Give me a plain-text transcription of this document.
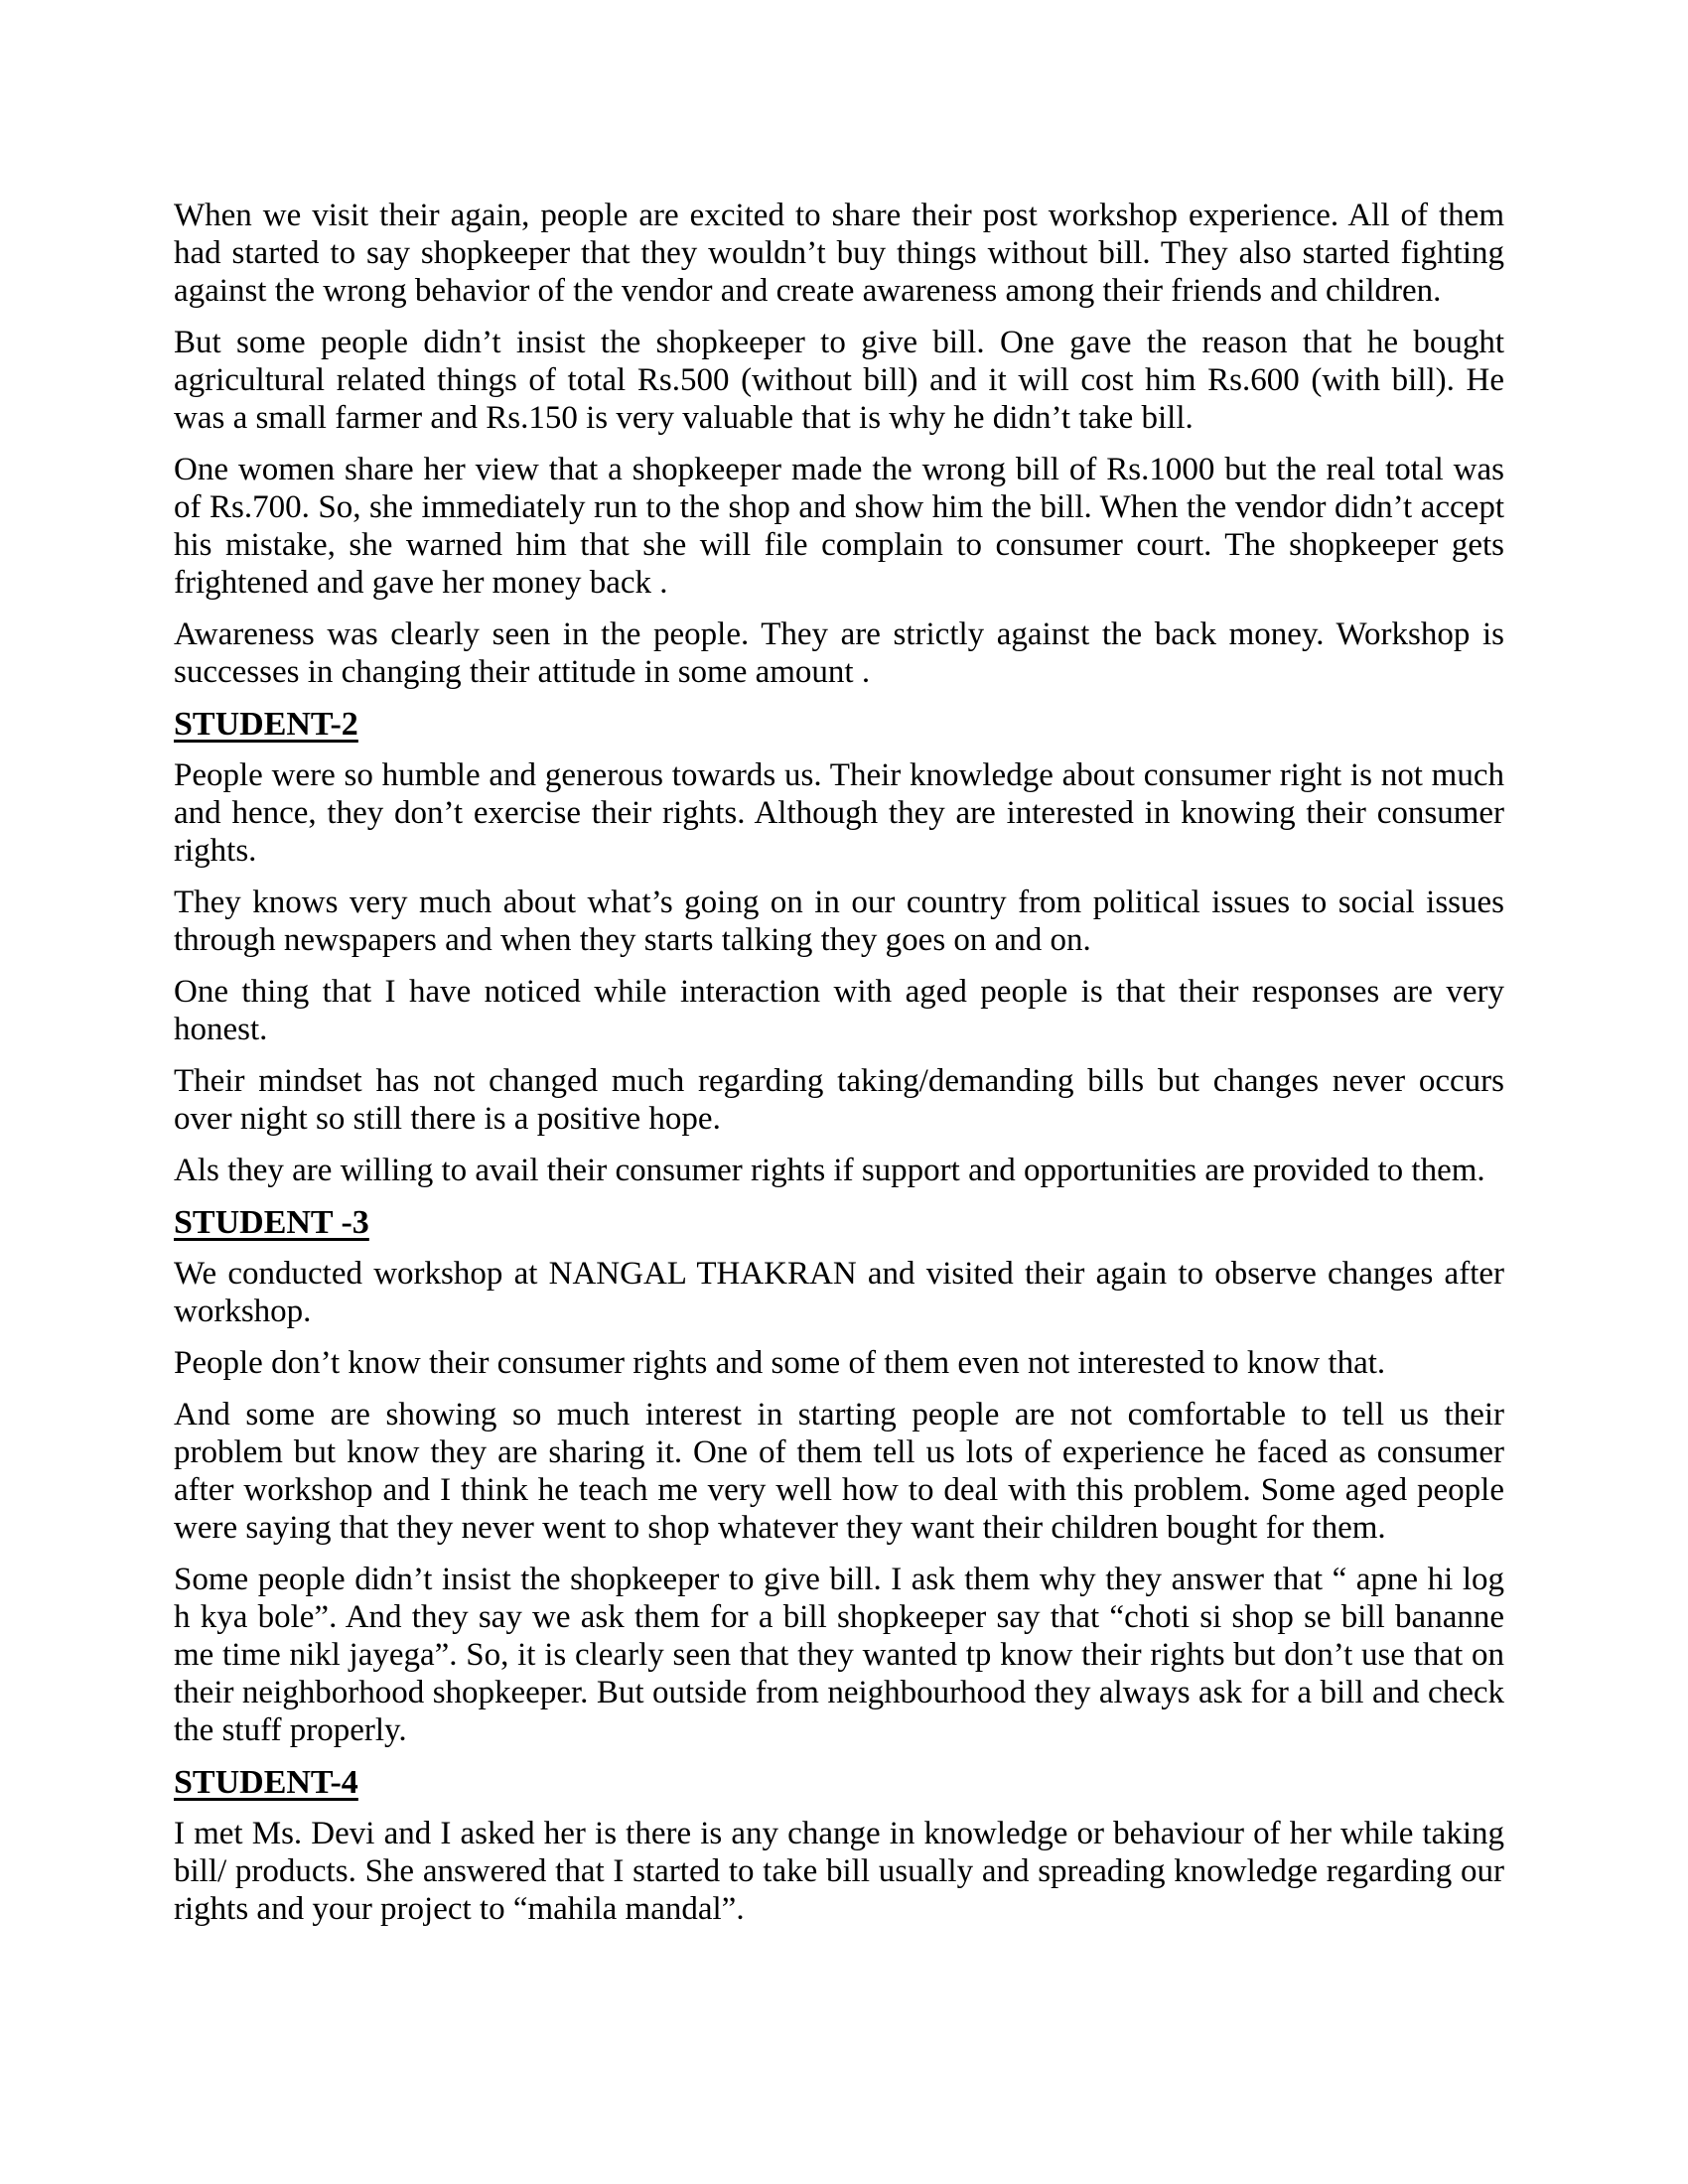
When we visit their again, people are excited to share their post workshop experience. All of them had started to say shopkeeper that they wouldn’t buy things without bill. They also started fighting against the wrong behavior of the vendor and create awareness among their friends and children.

But some people didn’t insist the shopkeeper to give bill. One gave the reason that he bought agricultural related things of total Rs.500 (without bill) and it will cost him Rs.600 (with bill). He was a small farmer and Rs.150 is very valuable that is why he didn’t take bill.

One women share her view that a shopkeeper made the wrong bill of Rs.1000 but the real total was of Rs.700. So, she immediately run to the shop and show him the bill. When the vendor didn’t accept his mistake, she warned him that she will file complain to consumer court. The shopkeeper gets frightened and gave her money back .

Awareness was clearly seen in the people. They are strictly against the back money. Workshop is successes in changing their attitude in some amount .

STUDENT-2

People were so humble and generous towards us. Their knowledge about consumer right is not much and hence, they don’t exercise their rights. Although they are interested in knowing their consumer rights.

They knows very much about what’s going on in our country from political issues to social issues through newspapers and when they starts talking they goes on and on.

One thing that I have noticed while interaction with aged people is that their responses are very honest.

Their mindset has not changed much regarding taking/demanding bills but changes never occurs over night so still there is a positive hope.

Als they are willing to avail their consumer rights if support and opportunities are provided to them.

STUDENT -3

We conducted workshop at NANGAL THAKRAN and visited their again to observe changes after workshop.

People don’t know their consumer rights and some of them even not interested to know that.

And some are showing so much interest in starting people are not comfortable to tell us their problem but know they are sharing it. One of them tell us lots of experience he faced as consumer after workshop and I think he teach me very well how to deal with this problem. Some aged people were saying that they never went to shop whatever they want their children bought for them.

Some people didn’t insist the shopkeeper to give bill. I ask them why they answer that “ apne hi log h kya bole”. And they say we ask them for a bill shopkeeper say that “choti si shop se bill bananne me time nikl jayega”. So, it is clearly seen that they wanted tp know their rights but don’t use that on their neighborhood shopkeeper. But outside from neighbourhood they always ask for a bill and check the stuff properly.

STUDENT-4

I met Ms. Devi and I asked her is there is any change in knowledge or behaviour of her while taking bill/ products. She answered that I started to take bill usually and spreading knowledge regarding our rights and your project to “mahila mandal”.
